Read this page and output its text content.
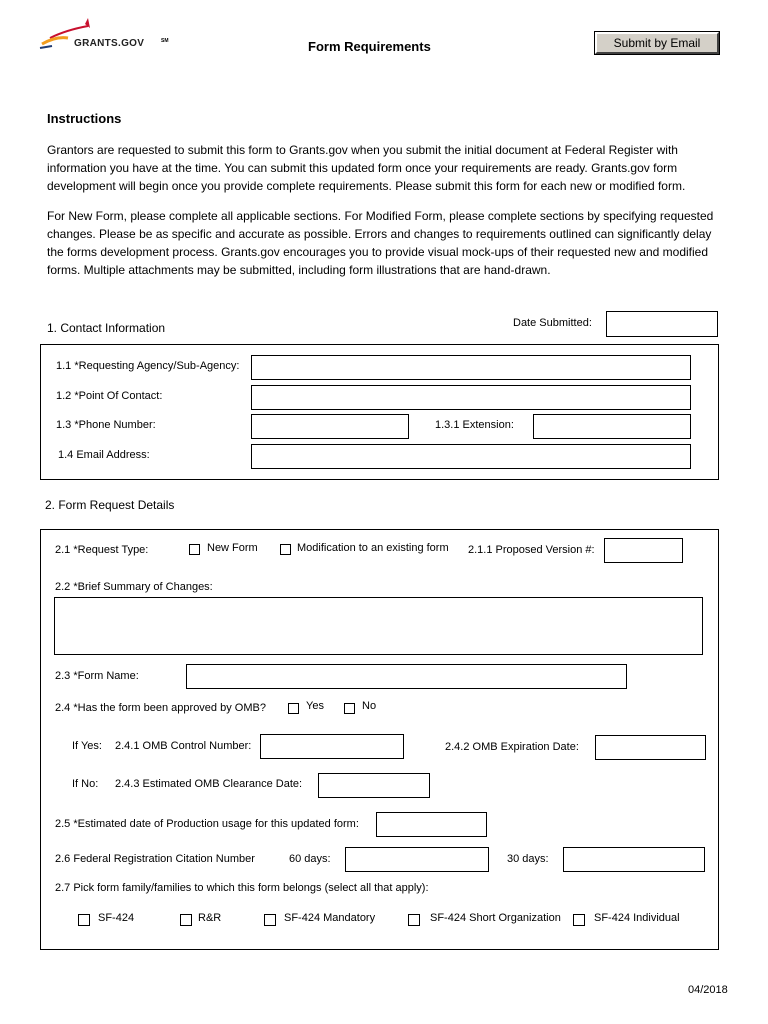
GRANTS.GOV	SM	Form Requirements	Submit by Email
Instructions

Grantors are requested to submit this form to Grants.gov when you submit the initial document at Federal Register with information you have at the time. You can submit this updated form once your requirements are ready. Grants.gov form development will begin once you provide complete requirements. Please submit this form for each new or modified form.

For New Form, please complete all applicable sections. For Modified Form, please complete sections by specifying requested changes. Please be as specific and accurate as possible. Errors and changes to requirements outlined can significantly delay the forms development process. Grants.gov encourages you to provide visual mock-ups of their requested new and modified forms. Multiple attachments may be submitted, including form illustrations that are hand-drawn.

1. Contact Information	Date Submitted:
1.1 *Requesting Agency/Sub-Agency:
1.2 *Point Of Contact:
1.3 *Phone Number:	1.3.1 Extension:
1.4 Email Address:
2. Form Request Details
2.1 *Request Type:	New Form	Modification to an existing form 2.1.1 Proposed Version #:
2.2 *Brief Summary of Changes:
2.3 *Form Name:
2.4 *Has the form been approved by OMB?	Yes	No
If Yes: 2.4.1 OMB Control Number:	2.4.2 OMB Expiration Date:
If No: 2.4.3 Estimated OMB Clearance Date:
2.5 *Estimated date of Production usage for this updated form:
2.6 Federal Registration Citation Number	60 days:	30 days:
2.7 Pick form family/families to which this form belongs (select all that apply):
SF-424	R&R	SF-424 Mandatory	SF-424 Short Organization	SF-424 Individual
04/2018
